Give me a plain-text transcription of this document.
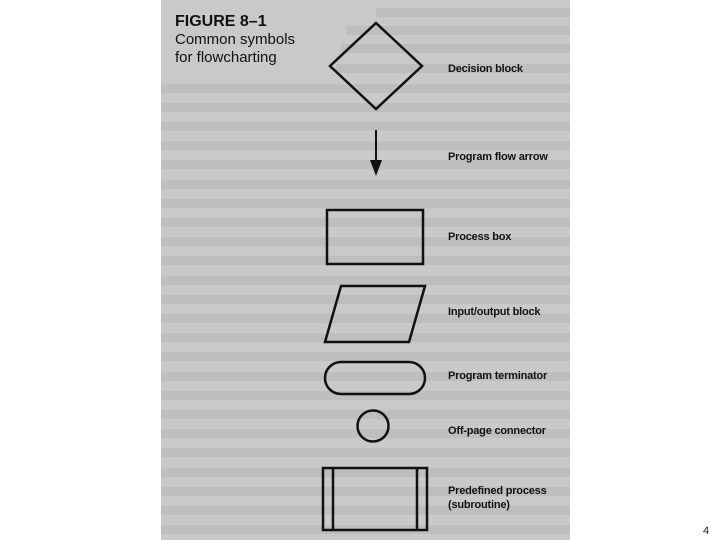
FIGURE 8–1
Common symbols
for flowcharting
Decision block
Program flow arrow
Process box
Input/output block
Program terminator
Off-page connector
Predefined process
(subroutine)
4
